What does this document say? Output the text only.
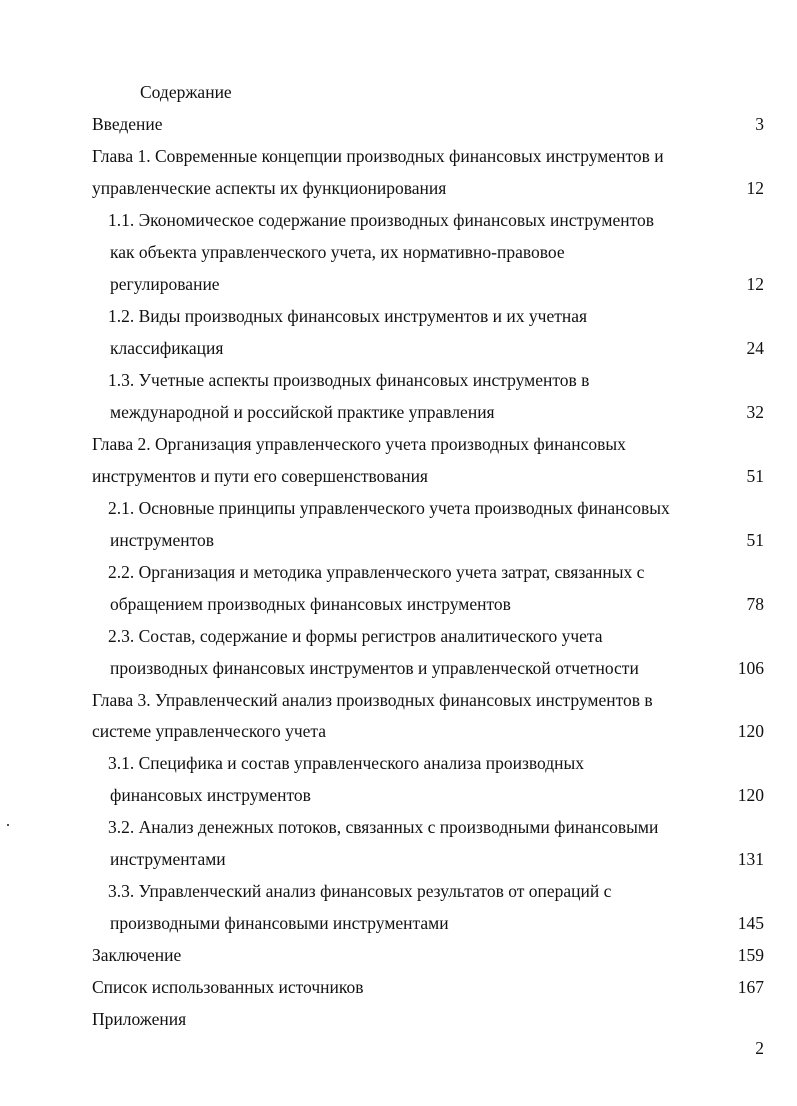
Содержание
Введение	3
Глава 1. Современные концепции производных финансовых инструментов и
управленческие аспекты их функционирования	12
1.1. Экономическое содержание производных финансовых инструментов
как объекта управленческого учета, их нормативно-правовое
регулирование	12
1.2. Виды производных финансовых инструментов и их учетная
классификация	24
1.3. Учетные аспекты производных финансовых инструментов в
международной и российской практике управления	32
Глава 2. Организация управленческого учета производных финансовых
инструментов и пути его совершенствования	51
2.1. Основные принципы управленческого учета производных финансовых
инструментов	51
2.2. Организация и методика управленческого учета затрат, связанных с
обращением производных финансовых инструментов	78
2.3. Состав, содержание и формы регистров аналитического учета
производных финансовых инструментов и управленческой отчетности	106
Глава 3. Управленческий анализ производных финансовых инструментов в
системе управленческого учета	120
3.1. Специфика и состав управленческого анализа производных
финансовых инструментов	120
3.2. Анализ денежных потоков, связанных с производными финансовыми
инструментами	131
3.3. Управленческий анализ финансовых результатов от операций с
производными финансовыми инструментами	145
Заключение	159
Список использованных источников	167
Приложения
2
